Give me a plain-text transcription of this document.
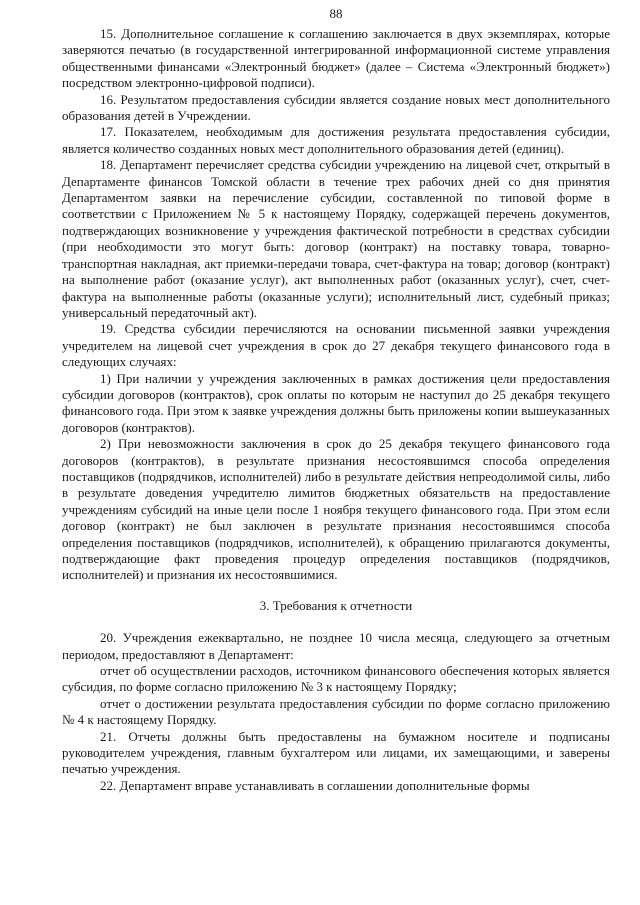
88

15. Дополнительное соглашение к соглашению заключается в двух экземплярах, которые заверяются печатью (в государственной интегрированной информационной системе управления общественными финансами «Электронный бюджет» (далее – Система «Электронный бюджет») посредством электронно-цифровой подписи).

16. Результатом предоставления субсидии является создание новых мест дополнительного образования детей в Учреждении.

17. Показателем, необходимым для достижения результата предоставления субсидии, является количество созданных новых мест дополнительного образования детей (единиц).

18. Департамент перечисляет средства субсидии учреждению на лицевой счет, открытый в Департаменте финансов Томской области в течение трех рабочих дней со дня принятия Департаментом заявки на перечисление субсидии, составленной по типовой форме в соответствии с Приложением № 5 к настоящему Порядку, содержащей перечень документов, подтверждающих возникновение у учреждения фактической потребности в средствах субсидии (при необходимости это могут быть: договор (контракт) на поставку товара, товарно-транспортная накладная, акт приемки-передачи товара, счет-фактура на товар; договор (контракт) на выполнение работ (оказание услуг), акт выполненных работ (оказанных услуг), счет, счет-фактура на выполненные работы (оказанные услуги); исполнительный лист, судебный приказ; универсальный передаточный акт).

19. Средства субсидии перечисляются на основании письменной заявки учреждения учредителем на лицевой счет учреждения в срок до 27 декабря текущего финансового года в следующих случаях:

1) При наличии у учреждения заключенных в рамках достижения цели предоставления субсидии договоров (контрактов), срок оплаты по которым не наступил до 25 декабря текущего финансового года. При этом к заявке учреждения должны быть приложены копии вышеуказанных договоров (контрактов).

2) При невозможности заключения в срок до 25 декабря текущего финансового года договоров (контрактов), в результате признания несостоявшимся способа определения поставщиков (подрядчиков, исполнителей) либо в результате действия непреодолимой силы, либо в результате доведения учредителю лимитов бюджетных обязательств на предоставление учреждениям субсидий на иные цели после 1 ноября текущего финансового года. При этом если договор (контракт) не был заключен в результате признания несостоявшимся способа определения поставщиков (подрядчиков, исполнителей), к обращению прилагаются документы, подтверждающие факт проведения процедур определения поставщиков (подрядчиков, исполнителей) и признания их несостоявшимися.

3. Требования к отчетности

20. Учреждения ежеквартально, не позднее 10 числа месяца, следующего за отчетным периодом, предоставляют в Департамент:

отчет об осуществлении расходов, источником финансового обеспечения которых является субсидия, по форме согласно приложению № 3 к настоящему Порядку;

отчет о достижении результата предоставления субсидии по форме согласно приложению № 4 к настоящему Порядку.

21. Отчеты должны быть предоставлены на бумажном носителе и подписаны руководителем учреждения, главным бухгалтером или лицами, их замещающими, и заверены печатью учреждения.

22. Департамент вправе устанавливать в соглашении дополнительные формы
